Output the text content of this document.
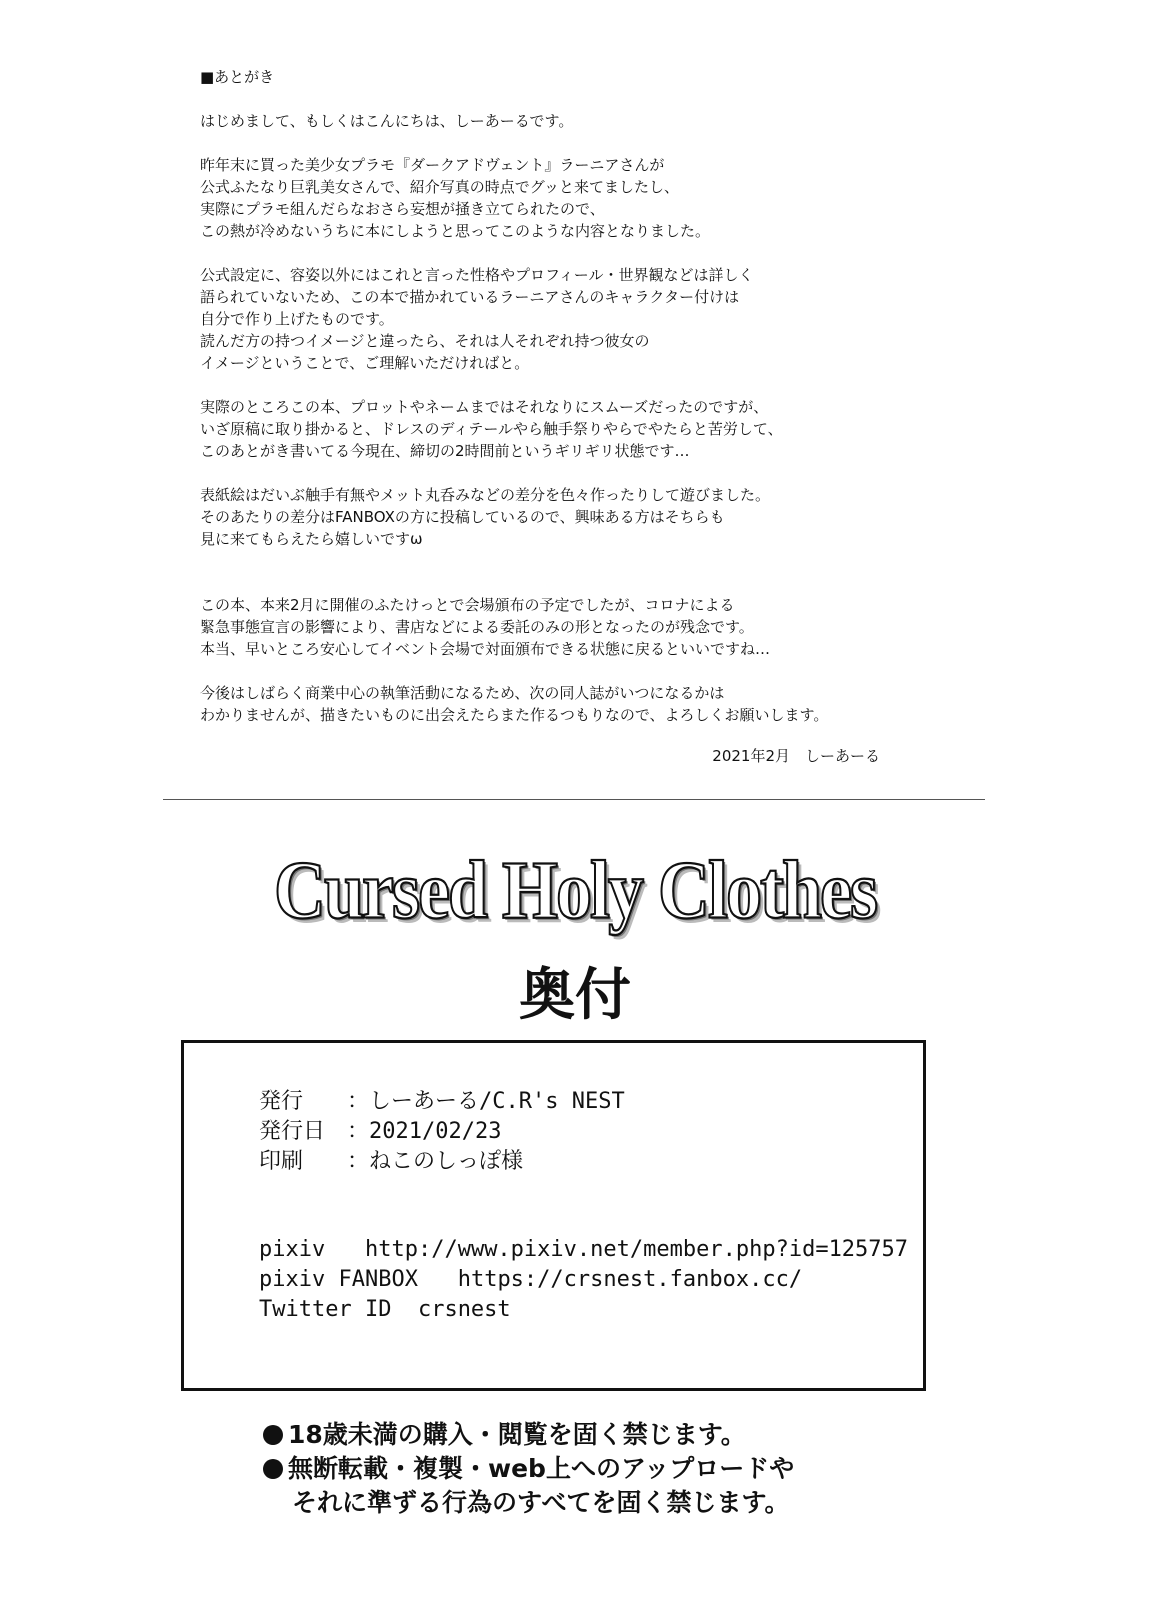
■あとがき
はじめまして、もしくはこんにちは、しーあーるです。
昨年末に買った美少女プラモ『ダークアドヴェント』ラーニアさんが
公式ふたなり巨乳美女さんで、紹介写真の時点でグッと来てましたし、
実際にプラモ組んだらなおさら妄想が掻き立てられたので、
この熱が冷めないうちに本にしようと思ってこのような内容となりました。
公式設定に、容姿以外にはこれと言った性格やプロフィール・世界観などは詳しく
語られていないため、この本で描かれているラーニアさんのキャラクター付けは
自分で作り上げたものです。
読んだ方の持つイメージと違ったら、それは人それぞれ持つ彼女の
イメージということで、ご理解いただければと。
実際のところこの本、プロットやネームまではそれなりにスムーズだったのですが、
いざ原稿に取り掛かると、ドレスのディテールやら触手祭りやらでやたらと苦労して、
このあとがき書いてる今現在、締切の2時間前というギリギリ状態です…
表紙絵はだいぶ触手有無やメット丸呑みなどの差分を色々作ったりして遊びました。
そのあたりの差分はFANBOXの方に投稿しているので、興味ある方はそちらも
見に来てもらえたら嬉しいですω
この本、本来2月に開催のふたけっとで会場頒布の予定でしたが、コロナによる
緊急事態宣言の影響により、書店などによる委託のみの形となったのが残念です。
本当、早いところ安心してイベント会場で対面頒布できる状態に戻るといいですね…
今後はしばらく商業中心の執筆活動になるため、次の同人誌がいつになるかは
わかりませんが、描きたいものに出会えたらまた作るつもりなので、よろしくお願いします。
2021年2月　しーあーる
Cursed Holy Clothes
奥付
発行 ：しーあーる/C.R's NEST
発行日 ：2021/02/23
印刷 ：ねこのしっぽ様
pixiv http://www.pixiv.net/member.php?id=125757
pixiv FANBOX https://crsnest.fanbox.cc/
Twitter ID crsnest
18歳未満の購入・閲覧を固く禁じます。
無断転載・複製・web上へのアップロードや
それに準ずる行為のすべてを固く禁じます。
